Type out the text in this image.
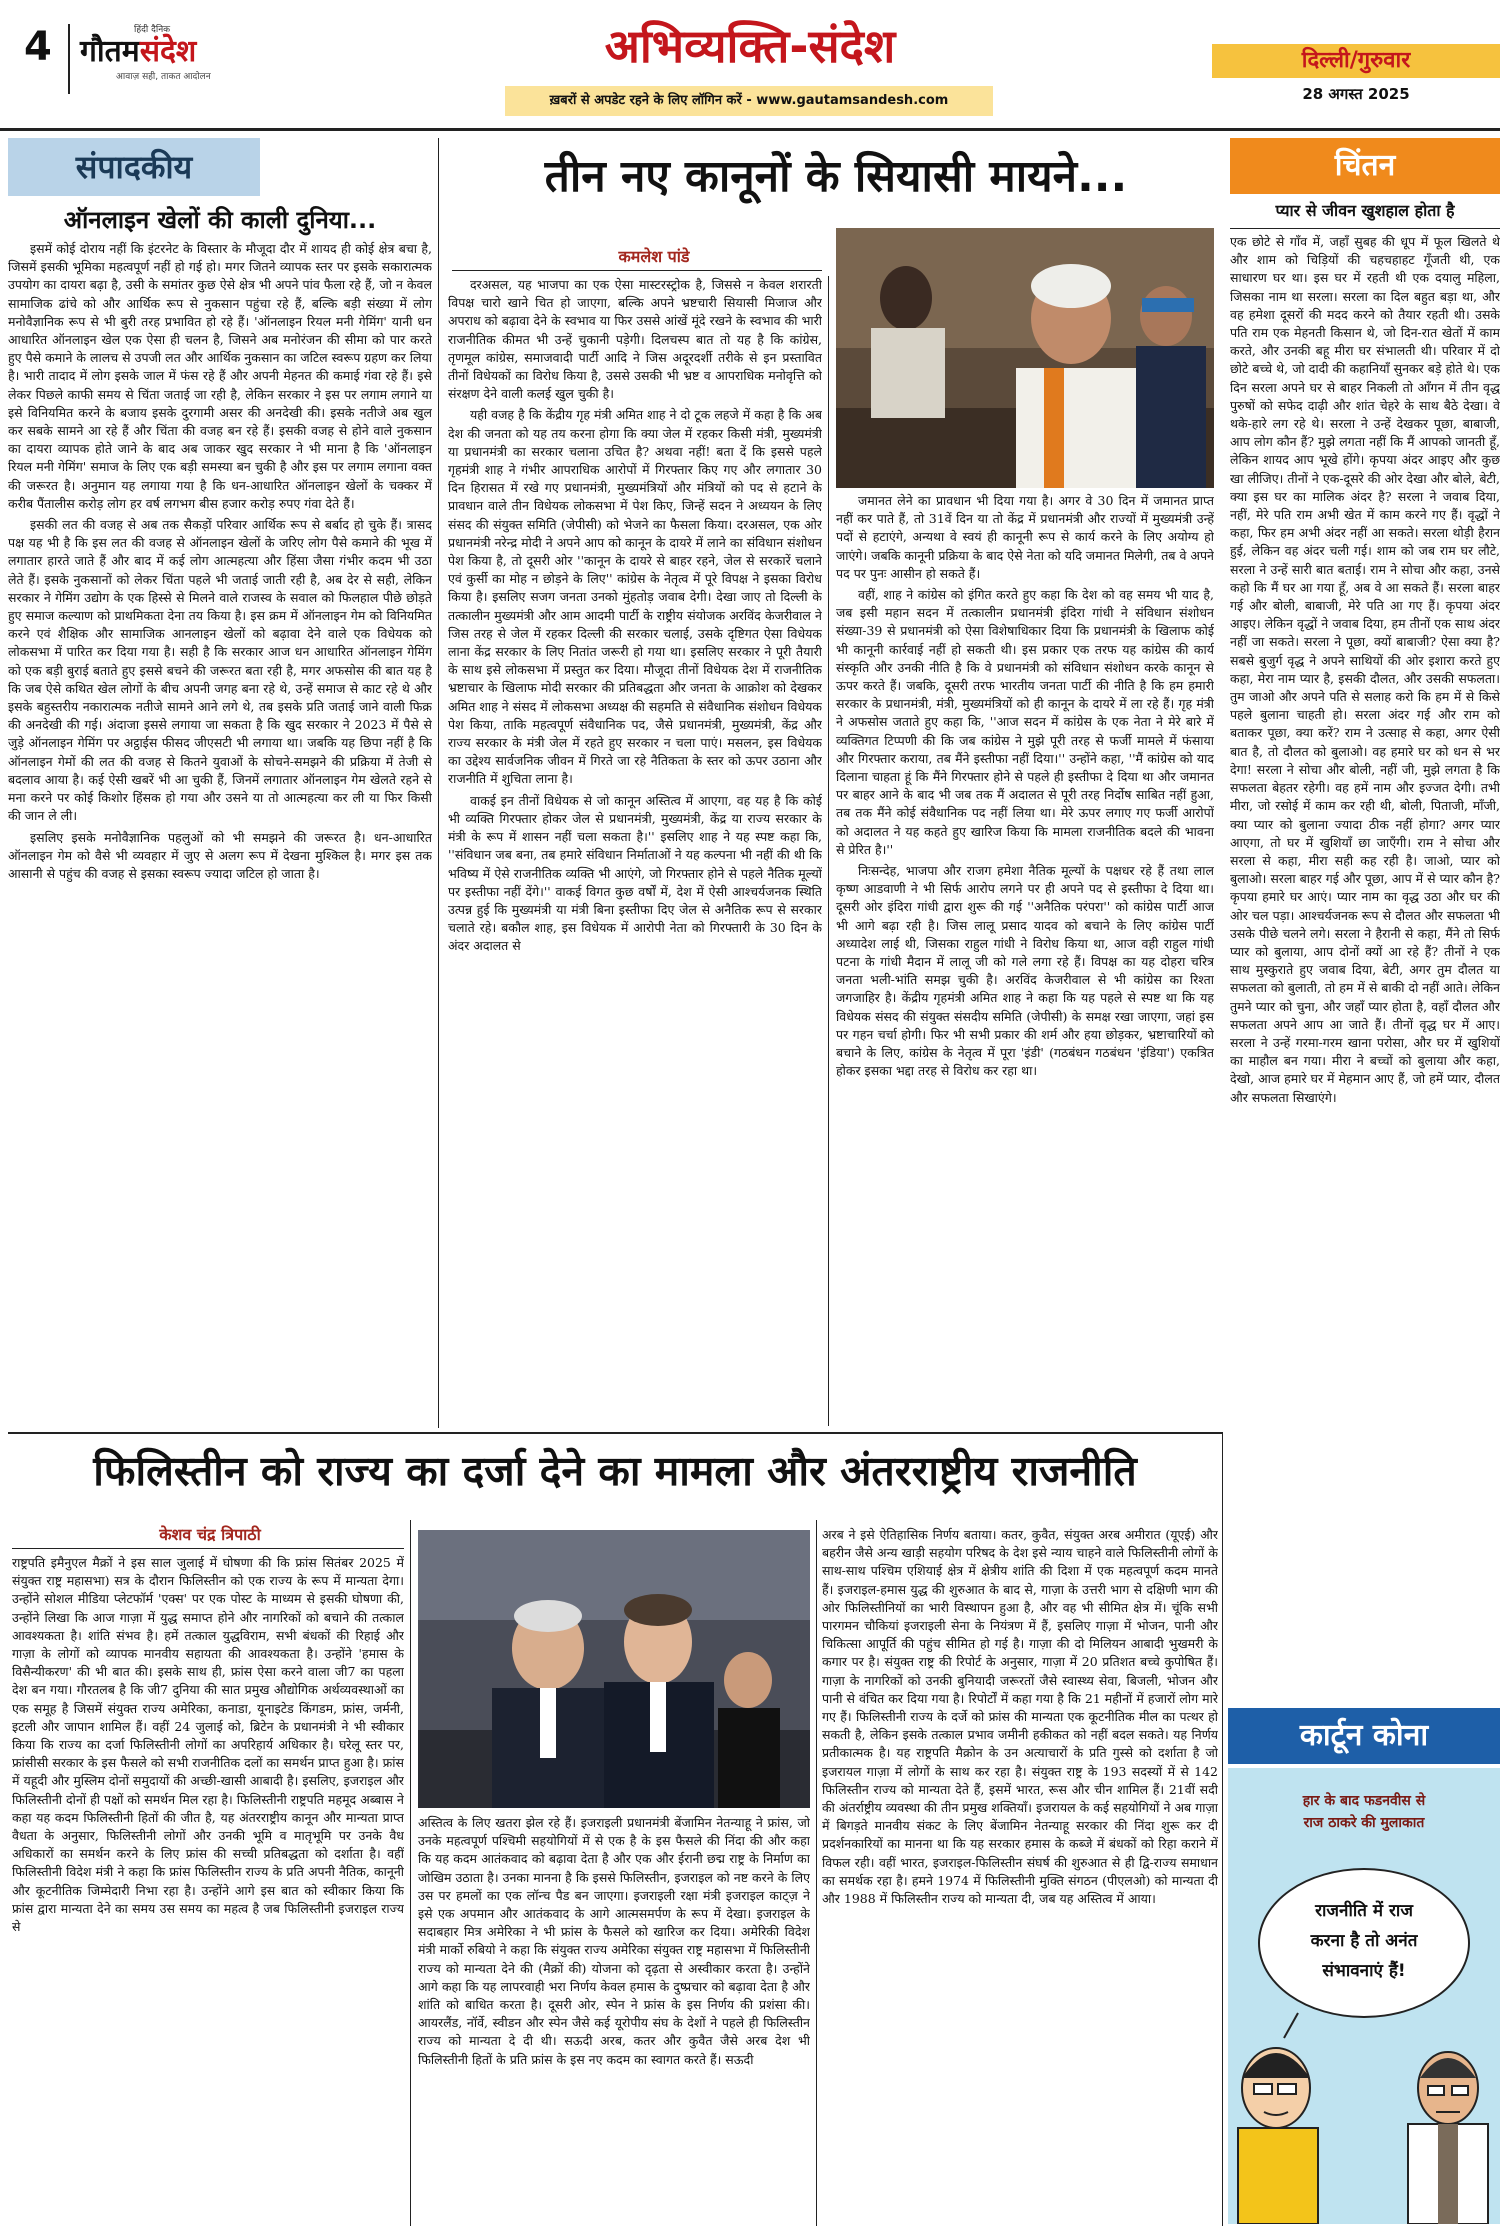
4	हिंदी दैनिक
गौतमसंदेश
आवाज़ सही, ताकत आदोलन
अभिव्यक्ति-संदेश
ख़बरों से अपडेट रहने के लिए लॉगिन करें - www.gautamsandesh.com
दिल्ली/गुरुवार
28 अगस्त 2025
संपादकीय
ऑनलाइन खेलों की काली दुनिया...

इसमें कोई दोराय नहीं कि इंटरनेट के विस्तार के मौजूदा दौर में शायद ही कोई क्षेत्र बचा है, जिसमें इसकी भूमिका महत्वपूर्ण नहीं हो गई हो। मगर जितने व्यापक स्तर पर इसके सकारात्मक उपयोग का दायरा बढ़ा है, उसी के समांतर कुछ ऐसे क्षेत्र भी अपने पांव फैला रहे हैं, जो न केवल सामाजिक ढांचे को और आर्थिक रूप से नुकसान पहुंचा रहे हैं, बल्कि बड़ी संख्या में लोग मनोवैज्ञानिक रूप से भी बुरी तरह प्रभावित हो रहे हैं। 'ऑनलाइन रियल मनी गेमिंग' यानी धन आधारित ऑनलाइन खेल एक ऐसा ही चलन है, जिसने अब मनोरंजन की सीमा को पार करते हुए पैसे कमाने के लालच से उपजी लत और आर्थिक नुकसान का जटिल स्वरूप ग्रहण कर लिया है। भारी तादाद में लोग इसके जाल में फंस रहे हैं और अपनी मेहनत की कमाई गंवा रहे हैं। इसे लेकर पिछले काफी समय से चिंता जताई जा रही है, लेकिन सरकार ने इस पर लगाम लगाने या इसे विनियमित करने के बजाय इसके दुरगामी असर की अनदेखी की। इसके नतीजे अब खुल कर सबके सामने आ रहे हैं और चिंता की वजह बन रहे हैं। इसकी वजह से होने वाले नुकसान का दायरा व्यापक होते जाने के बाद अब जाकर खुद सरकार ने भी माना है कि 'ऑनलाइन रियल मनी गेमिंग' समाज के लिए एक बड़ी समस्या बन चुकी है और इस पर लगाम लगाना वक्त की जरूरत है। अनुमान यह लगाया गया है कि धन-आधारित ऑनलाइन खेलों के चक्कर में करीब पैंतालीस करोड़ लोग हर वर्ष लगभग बीस हजार करोड़ रुपए गंवा देते हैं।

इसकी लत की वजह से अब तक सैकड़ों परिवार आर्थिक रूप से बर्बाद हो चुके हैं। त्रासद पक्ष यह भी है कि इस लत की वजह से ऑनलाइन खेलों के जरिए लोग पैसे कमाने की भूख में लगातार हारते जाते हैं और बाद में कई लोग आत्महत्या और हिंसा जैसा गंभीर कदम भी उठा लेते हैं। इसके नुकसानों को लेकर चिंता पहले भी जताई जाती रही है, अब देर से सही, लेकिन सरकार ने गेमिंग उद्योग के एक हिस्से से मिलने वाले राजस्व के सवाल को फिलहाल पीछे छोड़ते हुए समाज कल्याण को प्राथमिकता देना तय किया है। इस क्रम में ऑनलाइन गेम को विनियमित करने एवं शैक्षिक और सामाजिक आनलाइन खेलों को बढ़ावा देने वाले एक विधेयक को लोकसभा में पारित कर दिया गया है। सही है कि सरकार आज धन आधारित ऑनलाइन गेमिंग को एक बड़ी बुराई बताते हुए इससे बचने की जरूरत बता रही है, मगर अफसोस की बात यह है कि जब ऐसे कथित खेल लोगों के बीच अपनी जगह बना रहे थे, उन्हें समाज से काट रहे थे और इसके बहुस्तरीय नकारात्मक नतीजे सामने आने लगे थे, तब इसके प्रति जताई जाने वाली फिक्र की अनदेखी की गई। अंदाजा इससे लगाया जा सकता है कि खुद सरकार ने 2023 में पैसे से जुड़े ऑनलाइन गेमिंग पर अट्ठाईस फीसद जीएसटी भी लगाया था। जबकि यह छिपा नहीं है कि ऑनलाइन गेमों की लत की वजह से कितने युवाओं के सोचने-समझने की प्रक्रिया में तेजी से बदलाव आया है। कई ऐसी खबरें भी आ चुकी हैं, जिनमें लगातार ऑनलाइन गेम खेलते रहने से मना करने पर कोई किशोर हिंसक हो गया और उसने या तो आत्महत्या कर ली या फिर किसी की जान ले ली।

इसलिए इसके मनोवैज्ञानिक पहलुओं को भी समझने की जरूरत है। धन-आधारित ऑनलाइन गेम को वैसे भी व्यवहार में जुए से अलग रूप में देखना मुश्किल है। मगर इस तक आसानी से पहुंच की वजह से इसका स्वरूप ज्यादा जटिल हो जाता है।

तीन नए कानूनों के सियासी मायने...
कमलेश पांडे

दरअसल, यह भाजपा का एक ऐसा मास्टरस्ट्रोक है, जिससे न केवल शरारती विपक्ष चारो खाने चित हो जाएगा, बल्कि अपने भ्रष्टचारी सियासी मिजाज और अपराध को बढ़ावा देने के स्वभाव या फिर उससे आंखें मूंदे रखने के स्वभाव की भारी राजनीतिक कीमत भी उन्हें चुकानी पड़ेगी। दिलचस्प बात तो यह है कि कांग्रेस, तृणमूल कांग्रेस, समाजवादी पार्टी आदि ने जिस अदूरदर्शी तरीके से इन प्रस्तावित तीनों विधेयकों का विरोध किया है, उससे उसकी भी भ्रष्ट व आपराधिक मनोवृत्ति को संरक्षण देने वाली कलई खुल चुकी है।

यही वजह है कि केंद्रीय गृह मंत्री अमित शाह ने दो टूक लहजे में कहा है कि अब देश की जनता को यह तय करना होगा कि क्या जेल में रहकर किसी मंत्री, मुख्यमंत्री या प्रधानमंत्री का सरकार चलाना उचित है? अथवा नहीं! बता दें कि इससे पहले गृहमंत्री शाह ने गंभीर आपराधिक आरोपों में गिरफ्तार किए गए और लगातार 30 दिन हिरासत में रखे गए प्रधानमंत्री, मुख्यमंत्रियों और मंत्रियों को पद से हटाने के प्रावधान वाले तीन विधेयक लोकसभा में पेश किए, जिन्हें सदन ने अध्ययन के लिए संसद की संयुक्त समिति (जेपीसी) को भेजने का फैसला किया। दरअसल, एक ओर प्रधानमंत्री नरेन्द्र मोदी ने अपने आप को कानून के दायरे में लाने का संविधान संशोधन पेश किया है, तो दूसरी ओर ''कानून के दायरे से बाहर रहने, जेल से सरकारें चलाने एवं कुर्सी का मोह न छोड़ने के लिए'' कांग्रेस के नेतृत्व में पूरे विपक्ष ने इसका विरोध किया है। इसलिए सजग जनता उनको मुंहतोड़ जवाब देगी। देखा जाए तो दिल्ली के तत्कालीन मुख्यमंत्री और आम आदमी पार्टी के राष्ट्रीय संयोजक अरविंद केजरीवाल ने जिस तरह से जेल में रहकर दिल्ली की सरकार चलाई, उसके दृष्टिगत ऐसा विधेयक लाना केंद्र सरकार के लिए नितांत जरूरी हो गया था। इसलिए सरकार ने पूरी तैयारी के साथ इसे लोकसभा में प्रस्तुत कर दिया। मौजूदा तीनों विधेयक देश में राजनीतिक भ्रष्टाचार के खिलाफ मोदी सरकार की प्रतिबद्धता और जनता के आक्रोश को देखकर अमित शाह ने संसद में लोकसभा अध्यक्ष की सहमति से संवैधानिक संशोधन विधेयक पेश किया, ताकि महत्वपूर्ण संवैधानिक पद, जैसे प्रधानमंत्री, मुख्यमंत्री, केंद्र और राज्य सरकार के मंत्री जेल में रहते हुए सरकार न चला पाएं। मसलन, इस विधेयक का उद्देश्य सार्वजनिक जीवन में गिरते जा रहे नैतिकता के स्तर को ऊपर उठाना और राजनीति में शुचिता लाना है।

वाकई इन तीनों विधेयक से जो कानून अस्तित्व में आएगा, वह यह है कि कोई भी व्यक्ति गिरफ्तार होकर जेल से प्रधानमंत्री, मुख्यमंत्री, केंद्र या राज्य सरकार के मंत्री के रूप में शासन नहीं चला सकता है।'' इसलिए शाह ने यह स्पष्ट कहा कि, ''संविधान जब बना, तब हमारे संविधान निर्माताओं ने यह कल्पना भी नहीं की थी कि भविष्य में ऐसे राजनीतिक व्यक्ति भी आएंगे, जो गिरफ्तार होने से पहले नैतिक मूल्यों पर इस्तीफा नहीं देंगे।'' वाकई विगत कुछ वर्षों में, देश में ऐसी आश्चर्यजनक स्थिति उत्पन्न हुई कि मुख्यमंत्री या मंत्री बिना इस्तीफा दिए जेल से अनैतिक रूप से सरकार चलाते रहे। बकौल शाह, इस विधेयक में आरोपी नेता को गिरफ्तारी के 30 दिन के अंदर अदालत से

जमानत लेने का प्रावधान भी दिया गया है। अगर वे 30 दिन में जमानत प्राप्त नहीं कर पाते हैं, तो 31वें दिन या तो केंद्र में प्रधानमंत्री और राज्यों में मुख्यमंत्री उन्हें पदों से हटाएंगे, अन्यथा वे स्वयं ही कानूनी रूप से कार्य करने के लिए अयोग्य हो जाएंगे। जबकि कानूनी प्रक्रिया के बाद ऐसे नेता को यदि जमानत मिलेगी, तब वे अपने पद पर पुनः आसीन हो सकते हैं।

वहीं, शाह ने कांग्रेस को इंगित करते हुए कहा कि देश को वह समय भी याद है, जब इसी महान सदन में तत्कालीन प्रधानमंत्री इंदिरा गांधी ने संविधान संशोधन संख्या-39 से प्रधानमंत्री को ऐसा विशेषाधिकार दिया कि प्रधानमंत्री के खिलाफ कोई भी कानूनी कार्रवाई नहीं हो सकती थी। इस प्रकार एक तरफ यह कांग्रेस की कार्य संस्कृति और उनकी नीति है कि वे प्रधानमंत्री को संविधान संशोधन करके कानून से ऊपर करते हैं। जबकि, दूसरी तरफ भारतीय जनता पार्टी की नीति है कि हम हमारी सरकार के प्रधानमंत्री, मंत्री, मुख्यमंत्रियों को ही कानून के दायरे में ला रहे हैं। गृह मंत्री ने अफसोस जताते हुए कहा कि, ''आज सदन में कांग्रेस के एक नेता ने मेरे बारे में व्यक्तिगत टिप्पणी की कि जब कांग्रेस ने मुझे पूरी तरह से फर्जी मामले में फंसाया और गिरफ्तार कराया, तब मैंने इस्तीफा नहीं दिया।'' उन्होंने कहा, ''मैं कांग्रेस को याद दिलाना चाहता हूं कि मैंने गिरफ्तार होने से पहले ही इस्तीफा दे दिया था और जमानत पर बाहर आने के बाद भी जब तक मैं अदालत से पूरी तरह निर्दोष साबित नहीं हुआ, तब तक मैंने कोई संवैधानिक पद नहीं लिया था। मेरे ऊपर लगाए गए फर्जी आरोपों को अदालत ने यह कहते हुए खारिज किया कि मामला राजनीतिक बदले की भावना से प्रेरित है।''

निःसन्देह, भाजपा और राजग हमेशा नैतिक मूल्यों के पक्षधर रहे हैं तथा लाल कृष्ण आडवाणी ने भी सिर्फ आरोप लगने पर ही अपने पद से इस्तीफा दे दिया था। दूसरी ओर इंदिरा गांधी द्वारा शुरू की गई ''अनैतिक परंपरा'' को कांग्रेस पार्टी आज भी आगे बढ़ा रही है। जिस लालू प्रसाद यादव को बचाने के लिए कांग्रेस पार्टी अध्यादेश लाई थी, जिसका राहुल गांधी ने विरोध किया था, आज वही राहुल गांधी पटना के गांधी मैदान में लालू जी को गले लगा रहे हैं। विपक्ष का यह दोहरा चरित्र जनता भली-भांति समझ चुकी है। अरविंद केजरीवाल से भी कांग्रेस का रिश्ता जगजाहिर है। केंद्रीय गृहमंत्री अमित शाह ने कहा कि यह पहले से स्पष्ट था कि यह विधेयक संसद की संयुक्त संसदीय समिति (जेपीसी) के समक्ष रखा जाएगा, जहां इस पर गहन चर्चा होगी। फिर भी सभी प्रकार की शर्म और हया छोड़कर, भ्रष्टाचारियों को बचाने के लिए, कांग्रेस के नेतृत्व में पूरा 'इंडी' (गठबंधन गठबंधन 'इंडिया') एकत्रित होकर इसका भद्दा तरह से विरोध कर रहा था।

चिंतन
प्यार से जीवन खुशहाल होता है
एक छोटे से गाँव में, जहाँ सुबह की धूप में फूल खिलते थे और शाम को चिड़ियों की चहचहाहट गूँजती थी, एक साधारण घर था। इस घर में रहती थी एक दयालु महिला, जिसका नाम था सरला। सरला का दिल बहुत बड़ा था, और वह हमेशा दूसरों की मदद करने को तैयार रहती थी। उसके पति राम एक मेहनती किसान थे, जो दिन-रात खेतों में काम करते, और उनकी बहू मीरा घर संभालती थी। परिवार में दो छोटे बच्चे थे, जो दादी की कहानियाँ सुनकर बड़े होते थे। एक दिन सरला अपने घर से बाहर निकली तो आँगन में तीन वृद्ध पुरुषों को सफेद दाढ़ी और शांत चेहरे के साथ बैठे देखा। वे थके-हारे लग रहे थे। सरला ने उन्हें देखकर पूछा, बाबाजी, आप लोग कौन हैं? मुझे लगता नहीं कि मैं आपको जानती हूँ, लेकिन शायद आप भूखे होंगे। कृपया अंदर आइए और कुछ खा लीजिए। तीनों ने एक-दूसरे की ओर देखा और बोले, बेटी, क्या इस घर का मालिक अंदर है? सरला ने जवाब दिया, नहीं, मेरे पति राम अभी खेत में काम करने गए हैं। वृद्धों ने कहा, फिर हम अभी अंदर नहीं आ सकते। सरला थोड़ी हैरान हुई, लेकिन वह अंदर चली गई। शाम को जब राम घर लौटे, सरला ने उन्हें सारी बात बताई। राम ने सोचा और कहा, उनसे कहो कि मैं घर आ गया हूँ, अब वे आ सकते हैं। सरला बाहर गई और बोली, बाबाजी, मेरे पति आ गए हैं। कृपया अंदर आइए। लेकिन वृद्धों ने जवाब दिया, हम तीनों एक साथ अंदर नहीं जा सकते। सरला ने पूछा, क्यों बाबाजी? ऐसा क्या है? सबसे बुजुर्ग वृद्ध ने अपने साथियों की ओर इशारा करते हुए कहा, मेरा नाम प्यार है, इसकी दौलत, और उसकी सफलता। तुम जाओ और अपने पति से सलाह करो कि हम में से किसे पहले बुलाना चाहती हो। सरला अंदर गई और राम को बताकर पूछा, क्या करें? राम ने उत्साह से कहा, अगर ऐसी बात है, तो दौलत को बुलाओ। वह हमारे घर को धन से भर देगा! सरला ने सोचा और बोली, नहीं जी, मुझे लगता है कि सफलता बेहतर रहेगी। वह हमें नाम और इज्जत देगी। तभी मीरा, जो रसोई में काम कर रही थी, बोली, पिताजी, माँजी, क्या प्यार को बुलाना ज्यादा ठीक नहीं होगा? अगर प्यार आएगा, तो घर में खुशियाँ छा जाएँगी। राम ने सोचा और सरला से कहा, मीरा सही कह रही है। जाओ, प्यार को बुलाओ। सरला बाहर गई और पूछा, आप में से प्यार कौन है? कृपया हमारे घर आएं। प्यार नाम का वृद्ध उठा और घर की ओर चल पड़ा। आश्चर्यजनक रूप से दौलत और सफलता भी उसके पीछे चलने लगे। सरला ने हैरानी से कहा, मैंने तो सिर्फ प्यार को बुलाया, आप दोनों क्यों आ रहे हैं? तीनों ने एक साथ मुस्कुराते हुए जवाब दिया, बेटी, अगर तुम दौलत या सफलता को बुलाती, तो हम में से बाकी दो नहीं आते। लेकिन तुमने प्यार को चुना, और जहाँ प्यार होता है, वहाँ दौलत और सफलता अपने आप आ जाते हैं। तीनों वृद्ध घर में आए। सरला ने उन्हें गरमा-गरम खाना परोसा, और घर में खुशियों का माहौल बन गया। मीरा ने बच्चों को बुलाया और कहा, देखो, आज हमारे घर में मेहमान आए हैं, जो हमें प्यार, दौलत और सफलता सिखाएंगे।
कार्टून कोना
हार के बाद फडनवीस से
राज ठाकरे की मुलाकात
राजनीति में राज
करना है तो अनंत
संभावनाएं हैं!
फिलिस्तीन को राज्य का दर्जा देने का मामला और अंतरराष्ट्रीय राजनीति
केशव चंद्र त्रिपाठी
राष्ट्रपति इमैनुएल मैक्रों ने इस साल जुलाई में घोषणा की कि फ्रांस सितंबर 2025 में संयुक्त राष्ट्र महासभा) सत्र के दौरान फिलिस्तीन को एक राज्य के रूप में मान्यता देगा। उन्होंने सोशल मीडिया प्लेटफॉर्म 'एक्स' पर एक पोस्ट के माध्यम से इसकी घोषणा की, उन्होंने लिखा कि आज गाज़ा में युद्ध समाप्त होने और नागरिकों को बचाने की तत्काल आवश्यकता है। शांति संभव है। हमें तत्काल युद्धविराम, सभी बंधकों की रिहाई और गाज़ा के लोगों को व्यापक मानवीय सहायता की आवश्यकता है। उन्होंने 'हमास के विसैन्यीकरण' की भी बात की। इसके साथ ही, फ्रांस ऐसा करने वाला जी7 का पहला देश बन गया। गौरतलब है कि जी7 दुनिया की सात प्रमुख औद्योगिक अर्थव्यवस्थाओं का एक समूह है जिसमें संयुक्त राज्य अमेरिका, कनाडा, यूनाइटेड किंगडम, फ्रांस, जर्मनी, इटली और जापान शामिल हैं। वहीं 24 जुलाई को, ब्रिटेन के प्रधानमंत्री ने भी स्वीकार किया कि राज्य का दर्जा फिलिस्तीनी लोगों का अपरिहार्य अधिकार है। घरेलू स्तर पर, फ्रांसीसी सरकार के इस फैसले को सभी राजनीतिक दलों का समर्थन प्राप्त हुआ है। फ्रांस में यहूदी और मुस्लिम दोनों समुदायों की अच्छी-खासी आबादी है। इसलिए, इजराइल और फिलिस्तीनी दोनों ही पक्षों को समर्थन मिल रहा है। फिलिस्तीनी राष्ट्रपति महमूद अब्बास ने कहा यह कदम फिलिस्तीनी हितों की जीत है, यह अंतरराष्ट्रीय कानून और मान्यता प्राप्त वैधता के अनुसार, फिलिस्तीनी लोगों और उनकी भूमि व मातृभूमि पर उनके वैध अधिकारों का समर्थन करने के लिए फ्रांस की सच्ची प्रतिबद्धता को दर्शाता है। वहीं फिलिस्तीनी विदेश मंत्री ने कहा कि फ्रांस फिलिस्तीन राज्य के प्रति अपनी नैतिक, कानूनी और कूटनीतिक जिम्मेदारी निभा रहा है। उन्होंने आगे इस बात को स्वीकार किया कि फ्रांस द्वारा मान्यता देने का समय उस समय का महत्व है जब फिलिस्तीनी इजराइल राज्य से
अस्तित्व के लिए खतरा झेल रहे हैं। इजराइली प्रधानमंत्री बेंजामिन नेतन्याहू ने फ्रांस, जो उनके महत्वपूर्ण पश्चिमी सहयोगियों में से एक है के इस फैसले की निंदा की और कहा कि यह कदम आतंकवाद को बढ़ावा देता है और एक और ईरानी छद्म राष्ट्र के निर्माण का जोखिम उठाता है। उनका मानना है कि इससे फिलिस्तीन, इजराइल को नष्ट करने के लिए उस पर हमलों का एक लॉन्च पैड बन जाएगा। इजराइली रक्षा मंत्री इजराइल काट्ज़ ने इसे एक अपमान और आतंकवाद के आगे आत्मसमर्पण के रूप में देखा। इजराइल के सदाबहार मित्र अमेरिका ने भी फ्रांस के फैसले को खारिज कर दिया। अमेरिकी विदेश मंत्री मार्को रुबियो ने कहा कि संयुक्त राज्य अमेरिका संयुक्त राष्ट्र महासभा में फिलिस्तीनी राज्य को मान्यता देने की (मैक्रों की) योजना को दृढ़ता से अस्वीकार करता है। उन्होंने आगे कहा कि यह लापरवाही भरा निर्णय केवल हमास के दुष्प्रचार को बढ़ावा देता है और शांति को बाधित करता है। दूसरी ओर, स्पेन ने फ्रांस के इस निर्णय की प्रशंसा की। आयरलैंड, नॉर्वे, स्वीडन और स्पेन जैसे कई यूरोपीय संघ के देशों ने पहले ही फिलिस्तीन राज्य को मान्यता दे दी थी। सऊदी अरब, कतर और कुवैत जैसे अरब देश भी फिलिस्तीनी हितों के प्रति फ्रांस के इस नए कदम का स्वागत करते हैं। सऊदी
अरब ने इसे ऐतिहासिक निर्णय बताया। कतर, कुवैत, संयुक्त अरब अमीरात (यूएई) और बहरीन जैसे अन्य खाड़ी सहयोग परिषद के देश इसे न्याय चाहने वाले फिलिस्तीनी लोगों के साथ-साथ पश्चिम एशियाई क्षेत्र में क्षेत्रीय शांति की दिशा में एक महत्वपूर्ण कदम मानते हैं। इजराइल-हमास युद्ध की शुरुआत के बाद से, गाज़ा के उत्तरी भाग से दक्षिणी भाग की ओर फिलिस्तीनियों का भारी विस्थापन हुआ है, और वह भी सीमित क्षेत्र में। चूंकि सभी पारगमन चौकियां इजराइली सेना के नियंत्रण में हैं, इसलिए गाज़ा में भोजन, पानी और चिकित्सा आपूर्ति की पहुंच सीमित हो गई है। गाज़ा की दो मिलियन आबादी भुखमरी के कगार पर है। संयुक्त राष्ट्र की रिपोर्ट के अनुसार, गाज़ा में 20 प्रतिशत बच्चे कुपोषित हैं। गाज़ा के नागरिकों को उनकी बुनियादी जरूरतों जैसे स्वास्थ्य सेवा, बिजली, भोजन और पानी से वंचित कर दिया गया है। रिपोर्टों में कहा गया है कि 21 महीनों में हजारों लोग मारे गए हैं। फिलिस्तीनी राज्य के दर्जे को फ्रांस की मान्यता एक कूटनीतिक मील का पत्थर हो सकती है, लेकिन इसके तत्काल प्रभाव जमीनी हकीकत को नहीं बदल सकते। यह निर्णय प्रतीकात्मक है। यह राष्ट्रपति मैक्रोन के उन अत्याचारों के प्रति गुस्से को दर्शाता है जो इजरायल गाज़ा में लोगों के साथ कर रहा है। संयुक्त राष्ट्र के 193 सदस्यों में से 142 फिलिस्तीन राज्य को मान्यता देते हैं, इसमें भारत, रूस और चीन शामिल हैं। 21वीं सदी की अंतर्राष्ट्रीय व्यवस्था की तीन प्रमुख शक्तियाँ। इजरायल के कई सहयोगियों ने अब गाज़ा में बिगड़ते मानवीय संकट के लिए बेंजामिन नेतन्याहू सरकार की निंदा शुरू कर दी प्रदर्शनकारियों का मानना था कि यह सरकार हमास के कब्जे में बंधकों को रिहा कराने में विफल रही। वहीं भारत, इजराइल-फिलिस्तीन संघर्ष की शुरुआत से ही द्वि-राज्य समाधान का समर्थक रहा है। हमने 1974 में फिलिस्तीनी मुक्ति संगठन (पीएलओ) को मान्यता दी और 1988 में फिलिस्तीन राज्य को मान्यता दी, जब यह अस्तित्व में आया।
